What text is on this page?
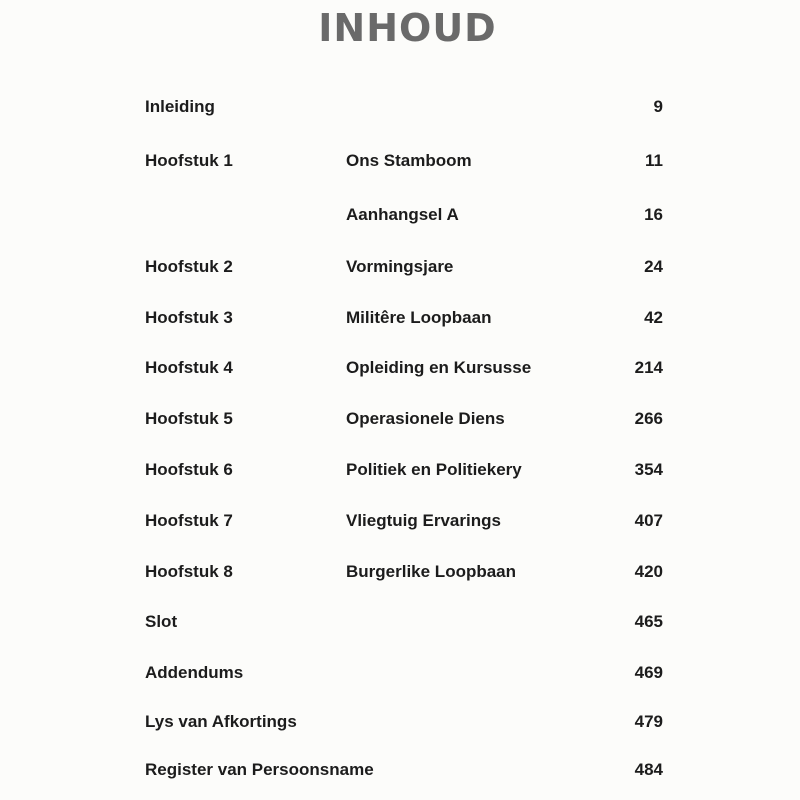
INHOUD
Inleiding	9
Hoofstuk 1	Ons Stamboom	11
Aanhangsel A	16
Hoofstuk 2	Vormingsjare	24
Hoofstuk 3	Militêre Loopbaan	42
Hoofstuk 4	Opleiding en Kursusse	214
Hoofstuk 5	Operasionele Diens	266
Hoofstuk 6	Politiek en Politiekery	354
Hoofstuk 7	Vliegtuig Ervarings	407
Hoofstuk 8	Burgerlike Loopbaan	420
Slot	465
Addendums	469
Lys van Afkortings	479
Register van Persoonsname	484
